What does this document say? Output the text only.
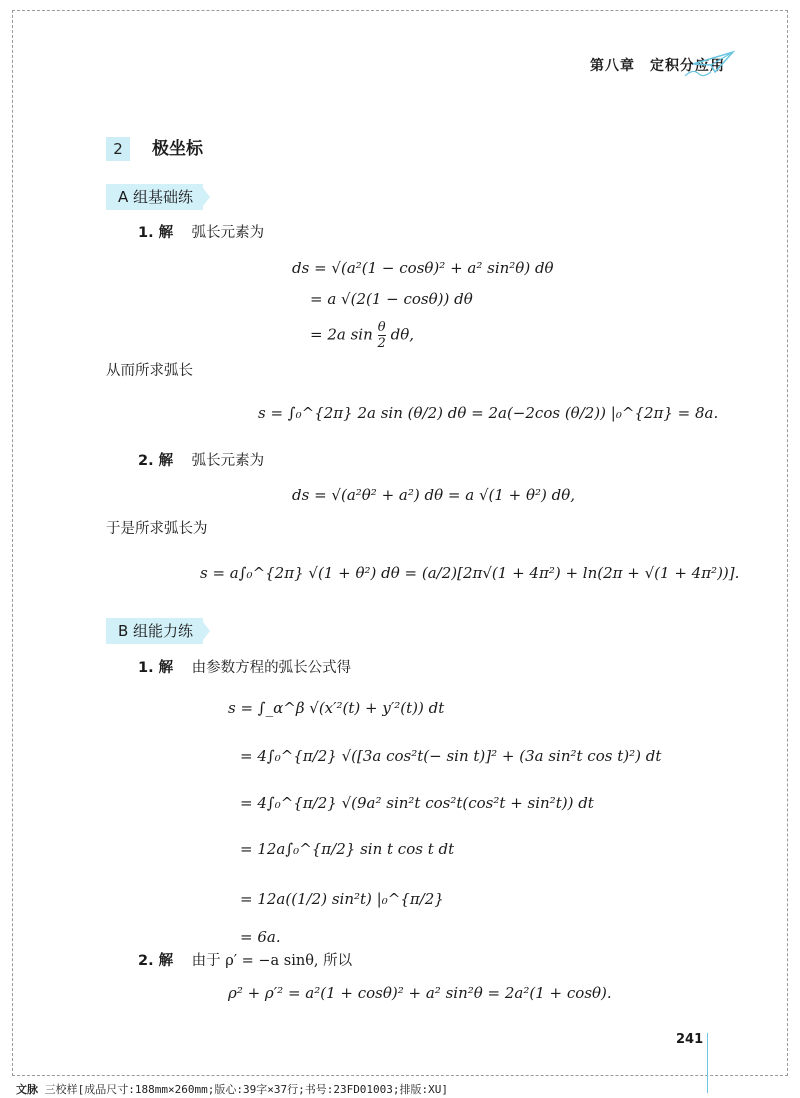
第八章　定积分应用
2	极坐标
A 组基础练
1. 解 弧长元素为
ds = √(a²(1 − cosθ)² + a² sin²θ) dθ
= a √(2(1 − cosθ)) dθ
= 2a $\sin \frac{\theta}{2} d\theta$,
从而所求弧长
s = ∫₀^{2π} 2a sin (θ/2) dθ = 2a(−2cos (θ/2)) |₀^{2π} = 8a.
2. 解 弧长元素为
ds = √(a²θ² + a²) dθ = a √(1 + θ²) dθ,
于是所求弧长为
s = a∫₀^{2π} √(1 + θ²) dθ = (a/2)[2π√(1 + 4π²) + ln(2π + √(1 + 4π²))].
B 组能力练
1. 解 由参数方程的弧长公式得
s = ∫_α^β √(x′²(t) + y′²(t)) dt
= 4∫₀^{π/2} √([3a cos²t(− sin t)]² + (3a sin²t cos t)²) dt
= 4∫₀^{π/2} √(9a² sin²t cos²t(cos²t + sin²t)) dt
= 12a∫₀^{π/2} sin t cos t dt
= 12a((1/2) sin²t) |₀^{π/2}
= 6a.
2. 解 由于 ρ′ = −a sinθ, 所以
ρ² + ρ′² = a²(1 + cosθ)² + a² sin²θ = 2a²(1 + cosθ).
241
文脉 三校样[成品尺寸:188mm×260mm;版心:39字×37行;书号:23FD01003;排版:XU]
